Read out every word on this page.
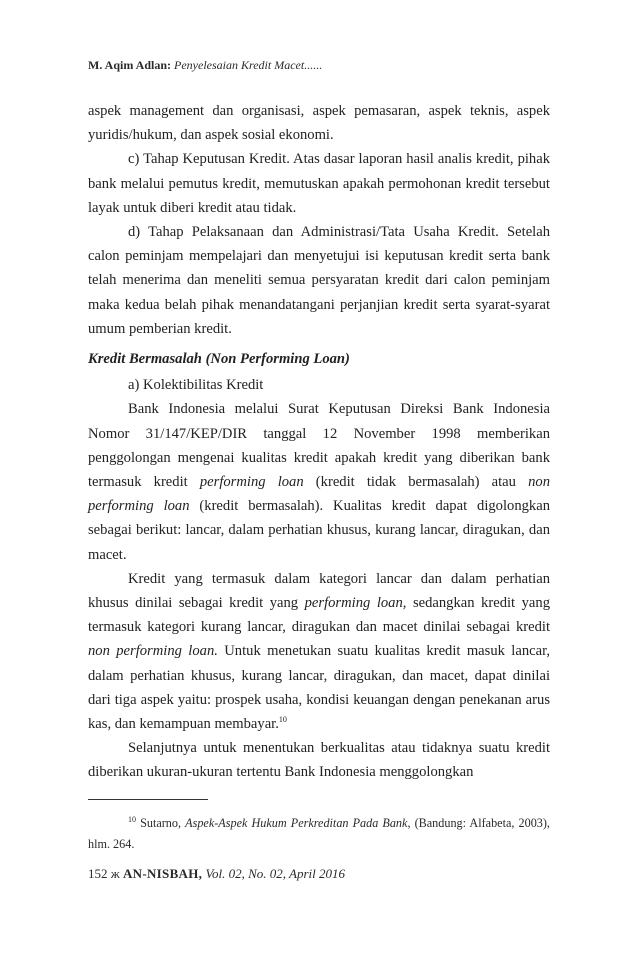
M. Aqim Adlan: Penyelesaian Kredit Macet......

aspek management dan organisasi, aspek pemasaran, aspek teknis, aspek yuridis/hukum, dan aspek sosial ekonomi.

c) Tahap Keputusan Kredit. Atas dasar laporan hasil analis kredit, pihak bank melalui pemutus kredit, memutuskan apakah permohonan kredit tersebut layak untuk diberi kredit atau tidak.

d) Tahap Pelaksanaan dan Administrasi/Tata Usaha Kredit. Setelah calon peminjam mempelajari dan menyetujui isi keputusan kredit serta bank telah menerima dan meneliti semua persyaratan kredit dari calon peminjam maka kedua belah pihak menandatangani perjanjian kredit serta syarat-syarat umum pemberian kredit.

Kredit Bermasalah (Non Performing Loan)

a) Kolektibilitas Kredit

Bank Indonesia melalui Surat Keputusan Direksi Bank Indonesia Nomor 31/147/KEP/DIR tanggal 12 November 1998 memberikan penggolongan mengenai kualitas kredit apakah kredit yang diberikan bank termasuk kredit performing loan (kredit tidak bermasalah) atau non performing loan (kredit bermasalah). Kualitas kredit dapat digolongkan sebagai berikut: lancar, dalam perhatian khusus, kurang lancar, diragukan, dan macet.

Kredit yang termasuk dalam kategori lancar dan dalam perhatian khusus dinilai sebagai kredit yang performing loan, sedangkan kredit yang termasuk kategori kurang lancar, diragukan dan macet dinilai sebagai kredit non performing loan. Untuk menetukan suatu kualitas kredit masuk lancar, dalam perhatian khusus, kurang lancar, diragukan, dan macet, dapat dinilai dari tiga aspek yaitu: prospek usaha, kondisi keuangan dengan penekanan arus kas, dan kemampuan membayar.$^{10}$

Selanjutnya untuk menentukan berkualitas atau tidaknya suatu kredit diberikan ukuran-ukuran tertentu Bank Indonesia menggolongkan

$^{10}$ Sutarno, Aspek-Aspek Hukum Perkreditan Pada Bank, (Bandung: Alfabeta, 2003), hlm. 264.
152 ж AN-NISBAH, Vol. 02, No. 02, April 2016
